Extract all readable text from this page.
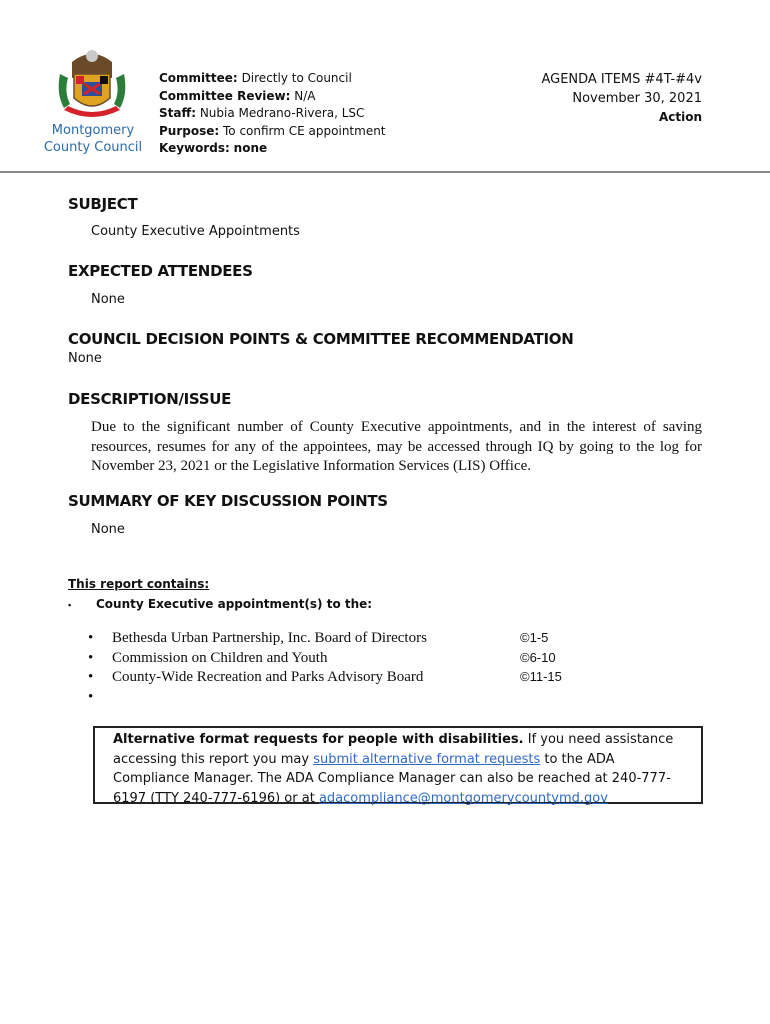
Montgomery
County Council
Committee: Directly to Council
Committee Review: N/A
Staff: Nubia Medrano-Rivera, LSC
Purpose: To confirm CE appointment
Keywords: none
AGENDA ITEMS #4T-#4v
November 30, 2021
Action
SUBJECT
County Executive Appointments
EXPECTED ATTENDEES
None
COUNCIL DECISION POINTS & COMMITTEE RECOMMENDATION
None
DESCRIPTION/ISSUE
Due to the significant number of County Executive appointments, and in the interest of saving resources, resumes for any of the appointees, may be accessed through IQ by going to the log for November 23, 2021 or the Legislative Information Services (LIS) Office.
SUMMARY OF KEY DISCUSSION POINTS
None
This report contains:
▪ County Executive appointment(s) to the:
• Bethesda Urban Partnership, Inc. Board of Directors	©1-5
• Commission on Children and Youth	©6-10
• County-Wide Recreation and Parks Advisory Board	©11-15
•
Alternative format requests for people with disabilities. If you need assistance accessing this report you may submit alternative format requests to the ADA Compliance Manager. The ADA Compliance Manager can also be reached at 240-777-6197 (TTY 240-777-6196) or at adacompliance@montgomerycountymd.gov
